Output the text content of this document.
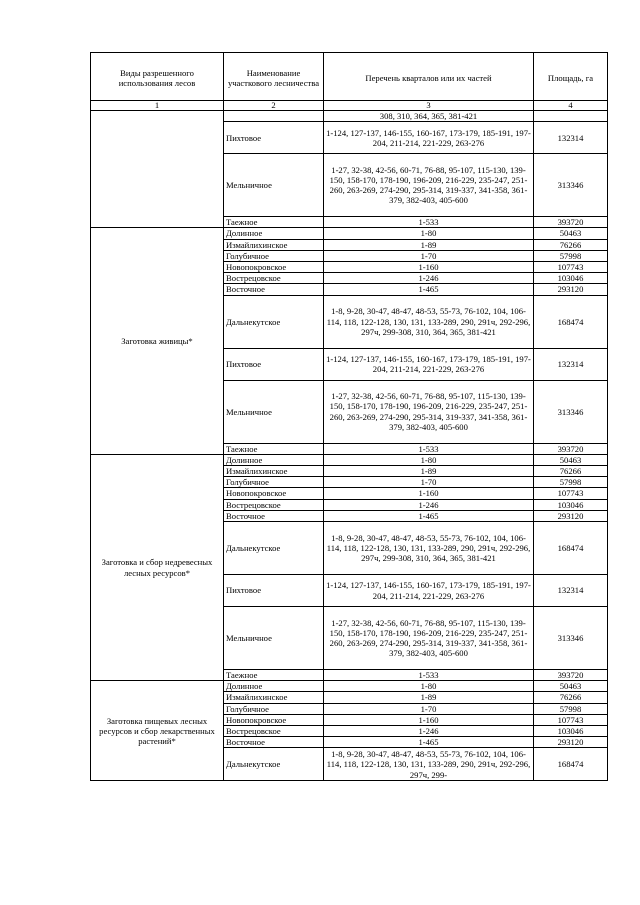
Виды разрешенного использования лесов	Наименование участкового лесничества	Перечень кварталов или их частей	Площадь, га
1	2	3	4
		308, 310, 364, 365, 381-421	
	Пихтовое	1-124, 127-137, 146-155, 160-167, 173-179, 185-191, 197-204, 211-214, 221-229, 263-276	132314
	Мельничное	1-27, 32-38, 42-56, 60-71, 76-88, 95-107, 115-130, 139-150, 158-170, 178-190, 196-209, 216-229, 235-247, 251-260, 263-269, 274-290, 295-314, 319-337, 341-358, 361-379, 382-403, 405-600	313346
	Таежное	1-533	393720
Заготовка живицы*	Долинное	1-80	50463
	Измайлихинское	1-89	76266
	Голубичное	1-70	57998
	Новопокровское	1-160	107743
	Вострецовское	1-246	103046
	Восточное	1-465	293120
	Дальнекутское	1-8, 9-28, 30-47, 48-47, 48-53, 55-73, 76-102, 104, 106-114, 118, 122-128, 130, 131, 133-289, 290, 291ч, 292-296, 297ч, 299-308, 310, 364, 365, 381-421	168474
	Пихтовое	1-124, 127-137, 146-155, 160-167, 173-179, 185-191, 197-204, 211-214, 221-229, 263-276	132314
	Мельничное	1-27, 32-38, 42-56, 60-71, 76-88, 95-107, 115-130, 139-150, 158-170, 178-190, 196-209, 216-229, 235-247, 251-260, 263-269, 274-290, 295-314, 319-337, 341-358, 361-379, 382-403, 405-600	313346
	Таежное	1-533	393720
Заготовка и сбор недревесных лесных ресурсов*	Долинное	1-80	50463
	Измайлихинское	1-89	76266
	Голубичное	1-70	57998
	Новопокровское	1-160	107743
	Вострецовское	1-246	103046
	Восточное	1-465	293120
	Дальнекутское	1-8, 9-28, 30-47, 48-47, 48-53, 55-73, 76-102, 104, 106-114, 118, 122-128, 130, 131, 133-289, 290, 291ч, 292-296, 297ч, 299-308, 310, 364, 365, 381-421	168474
	Пихтовое	1-124, 127-137, 146-155, 160-167, 173-179, 185-191, 197-204, 211-214, 221-229, 263-276	132314
	Мельничное	1-27, 32-38, 42-56, 60-71, 76-88, 95-107, 115-130, 139-150, 158-170, 178-190, 196-209, 216-229, 235-247, 251-260, 263-269, 274-290, 295-314, 319-337, 341-358, 361-379, 382-403, 405-600	313346
	Таежное	1-533	393720
Заготовка пищевых лесных ресурсов и сбор лекарственных растений*	Долинное	1-80	50463
	Измайлихинское	1-89	76266
	Голубичное	1-70	57998
	Новопокровское	1-160	107743
	Вострецовское	1-246	103046
	Восточное	1-465	293120
	Дальнекутское	1-8, 9-28, 30-47, 48-47, 48-53, 55-73, 76-102, 104, 106-114, 118, 122-128, 130, 131, 133-289, 290, 291ч, 292-296, 297ч, 299-	168474
